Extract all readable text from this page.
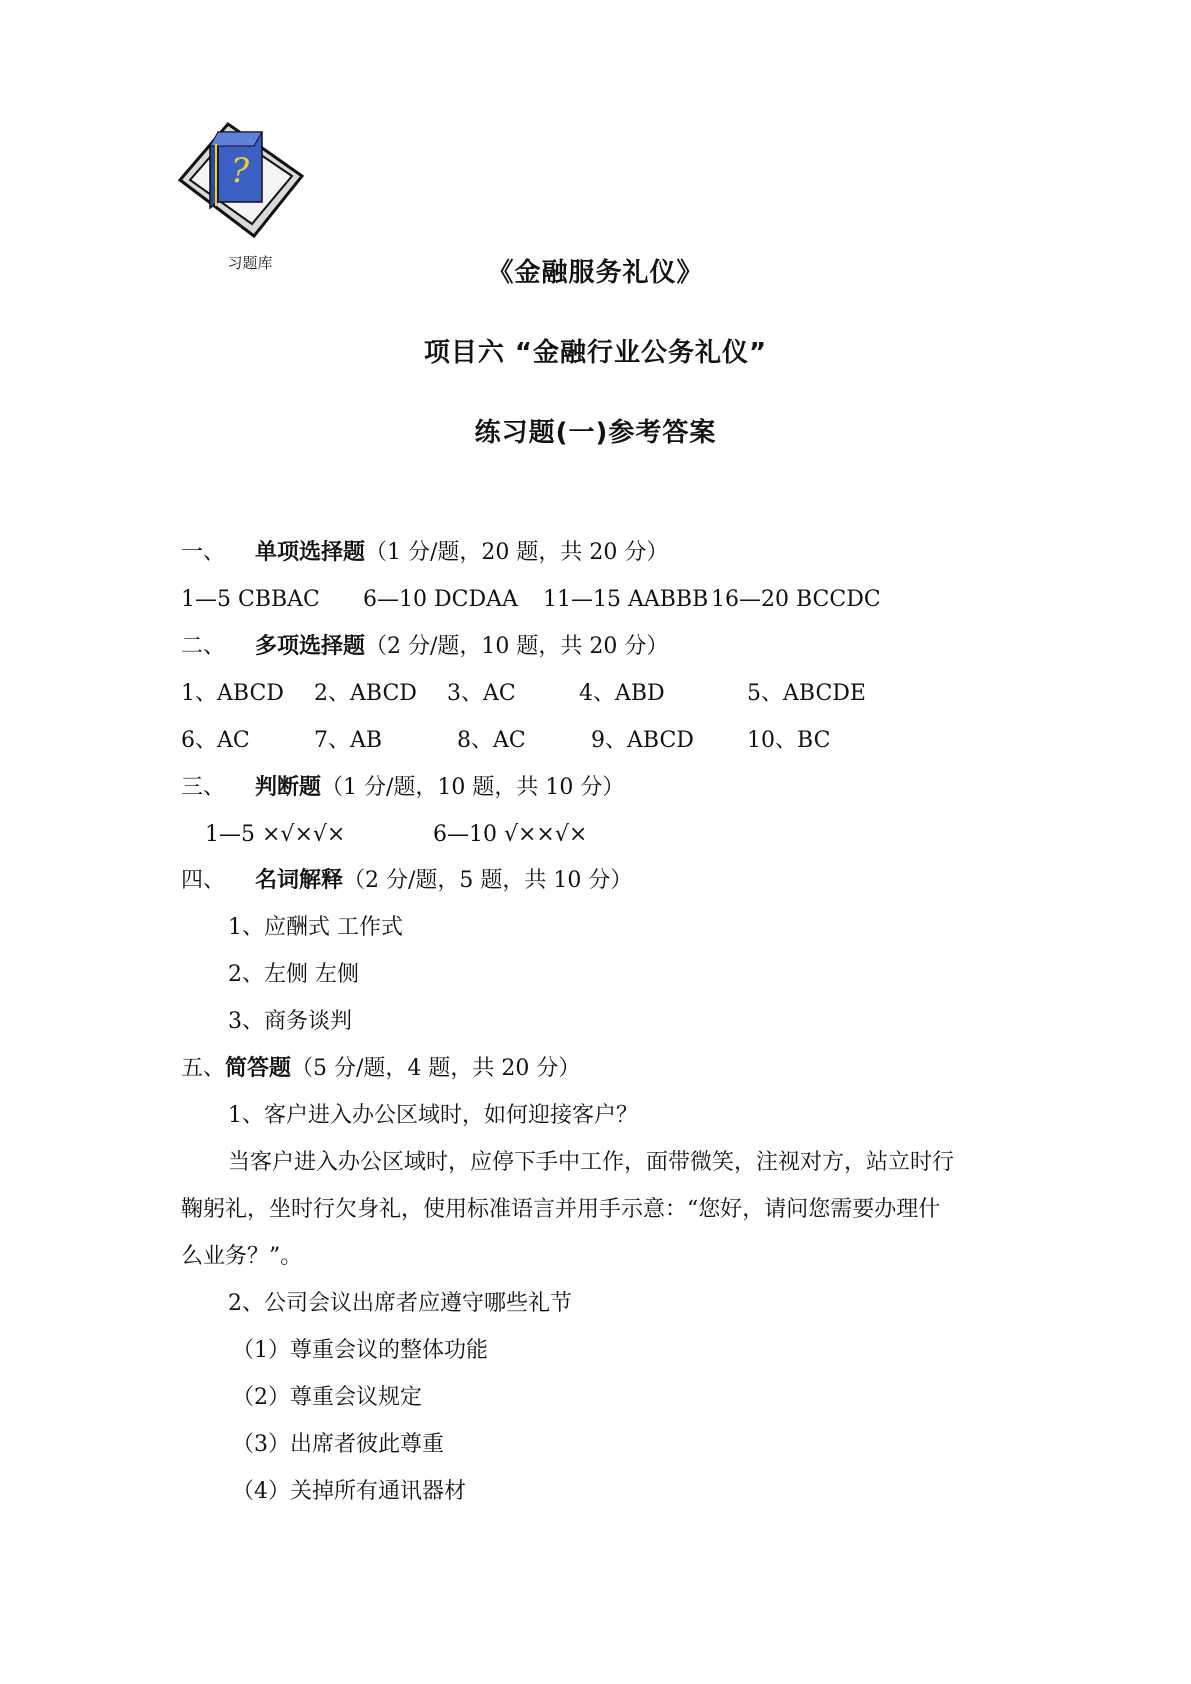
?
习题库	《金融服务礼仪》
项目六 “金融行业公务礼仪”
练习题(一)参考答案
一、 单项选择题（1 分/题，20 题，共 20 分）
1—5 CBBAC 6—10 DCDAA 11—15 AABBB 16—20 BCCDC
二、 多项选择题（2 分/题，10 题，共 20 分）
1、ABCD 2、ABCD 3、AC	4、ABD	5、ABCDE
6、AC	7、AB	8、AC	9、ABCD 10、BC
三、 判断题（1 分/题，10 题，共 10 分）
1—5 ×√×√×	6—10 √××√×
四、 名词解释（2 分/题，5 题，共 10 分）
1、应酬式 工作式
2、左侧 左侧
3、商务谈判
五、简答题（5 分/题，4 题，共 20 分）
1、客户进入办公区域时，如何迎接客户？
当客户进入办公区域时，应停下手中工作，面带微笑，注视对方，站立时行
鞠躬礼，坐时行欠身礼，使用标准语言并用手示意：“您好，请问您需要办理什
么业务？”。
2、公司会议出席者应遵守哪些礼节
（1）尊重会议的整体功能
（2）尊重会议规定
（3）出席者彼此尊重
（4）关掉所有通讯器材
